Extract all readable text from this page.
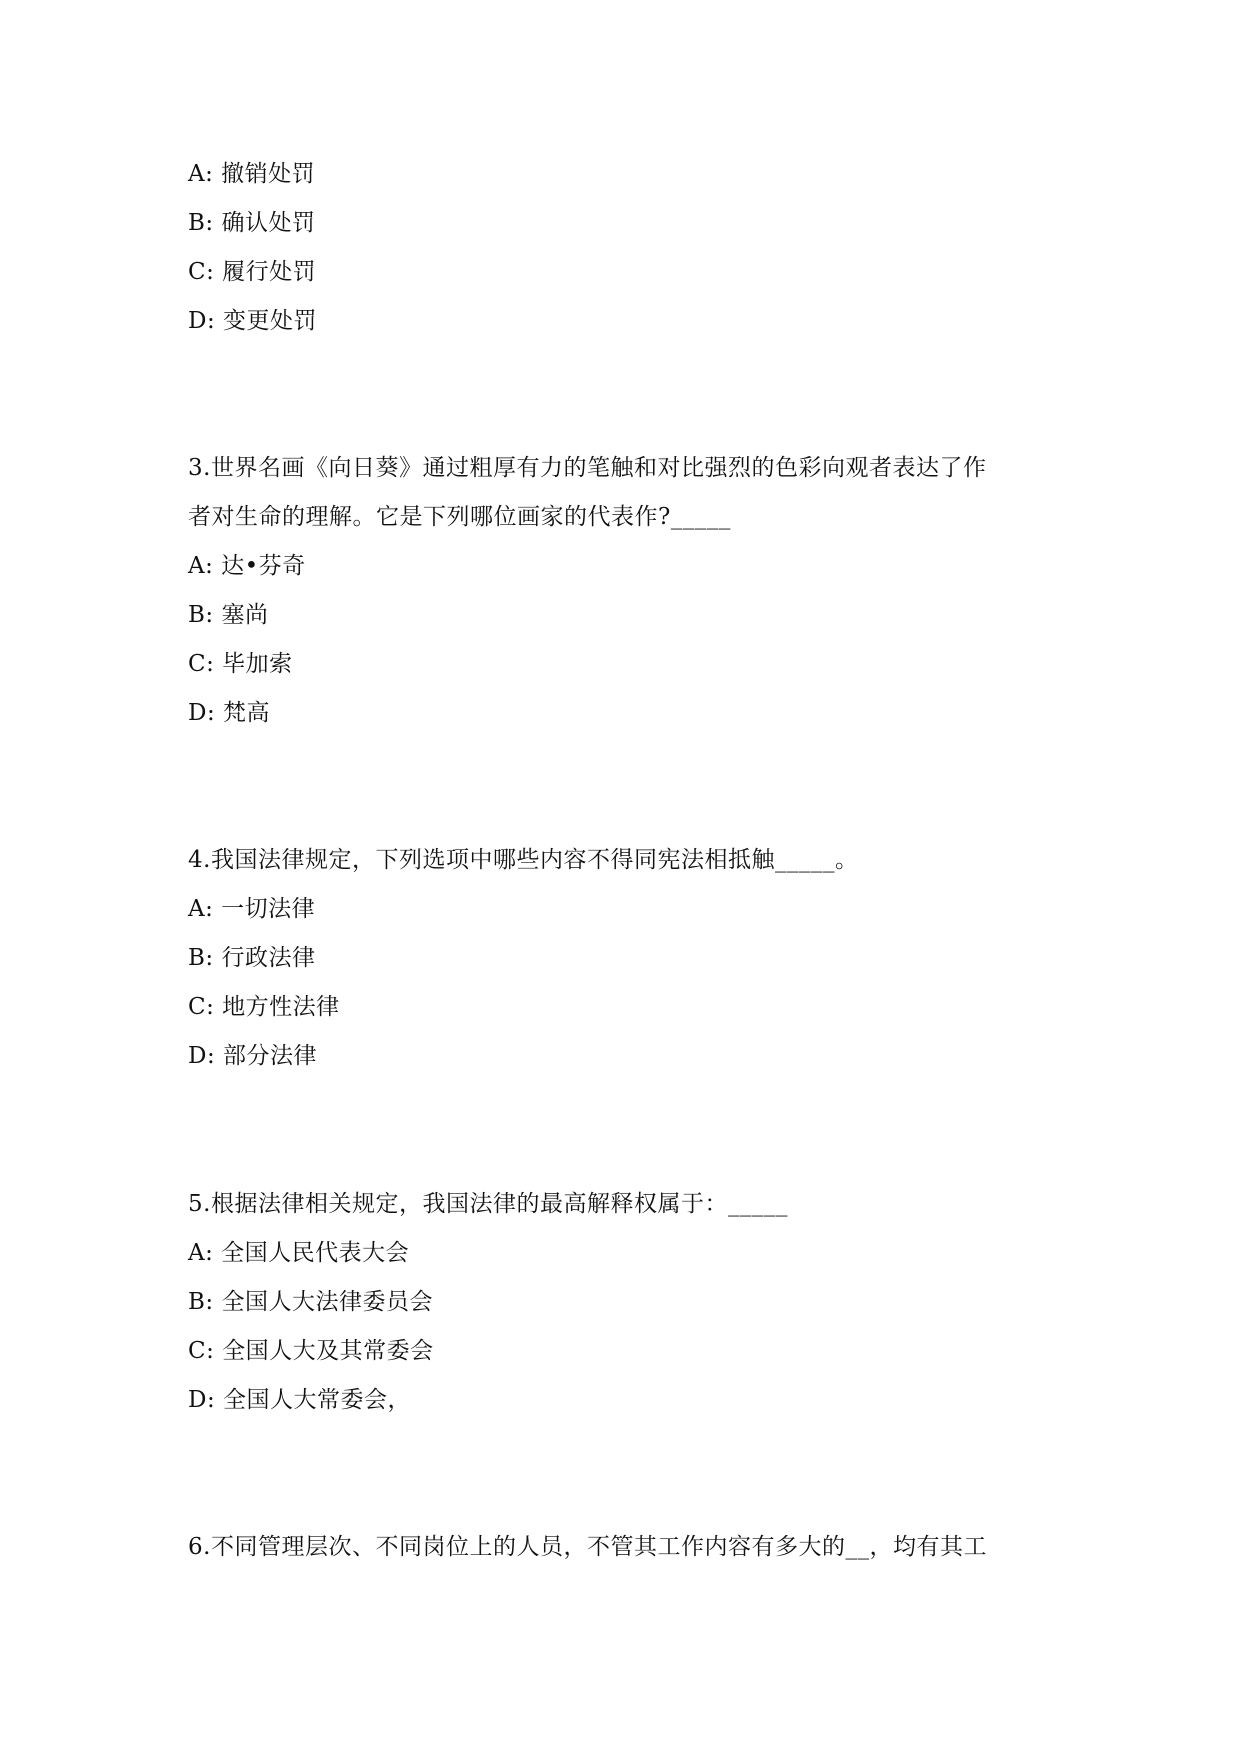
A: 撤销处罚
B: 确认处罚
C: 履行处罚
D: 变更处罚
3.世界名画《向日葵》通过粗厚有力的笔触和对比强烈的色彩向观者表达了作
者对生命的理解。它是下列哪位画家的代表作?_____
A: 达•芬奇
B: 塞尚
C: 毕加索
D: 梵高
4.我国法律规定，下列选项中哪些内容不得同宪法相抵触_____。
A: 一切法律
B: 行政法律
C: 地方性法律
D: 部分法律
5.根据法律相关规定，我国法律的最高解释权属于：_____
A: 全国人民代表大会
B: 全国人大法律委员会
C: 全国人大及其常委会
D: 全国人大常委会，
6.不同管理层次、不同岗位上的人员，不管其工作内容有多大的__，均有其工
